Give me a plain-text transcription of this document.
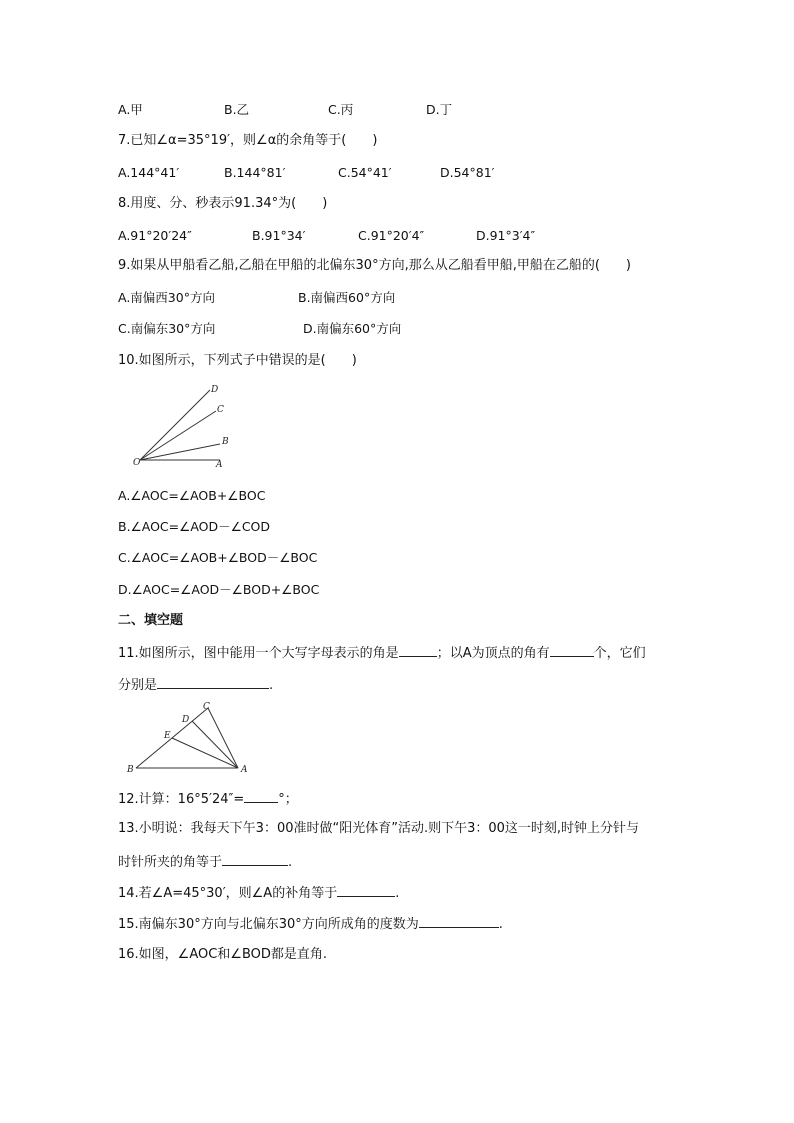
A.甲	B.乙	C.丙	D.丁
7.已知∠α=35°19′，则∠α的余角等于(　　)
A.144°41′	B.144°81′	C.54°41′	D.54°81′
8.用度、分、秒表示91.34°为(　　)
A.91°20′24″	B.91°34′	C.91°20′4″	D.91°3′4″
9.如果从甲船看乙船,乙船在甲船的北偏东30°方向,那么从乙船看甲船,甲船在乙船的(　　)
A.南偏西30°方向	B.南偏西60°方向
C.南偏东30°方向	D.南偏东60°方向
10.如图所示，下列式子中错误的是(　　)
D
C
B
O	A
A.∠AOC=∠AOB+∠BOC
B.∠AOC=∠AOD－∠COD
C.∠AOC=∠AOB+∠BOD－∠BOC
D.∠AOC=∠AOD－∠BOD+∠BOC
二、填空题
11.如图所示，图中能用一个大写字母表示的角是	；以A为顶点的角有	个，它们
分别是	.
C
D
E
B	A
12.计算：16°5′24″=	°；
13.小明说：我每天下午3：00准时做“阳光体育”活动.则下午3：00这一时刻,时钟上分针与
时针所夹的角等于	.
14.若∠A=45°30′，则∠A的补角等于	.
15.南偏东30°方向与北偏东30°方向所成角的度数为	.
16.如图，∠AOC和∠BOD都是直角.
